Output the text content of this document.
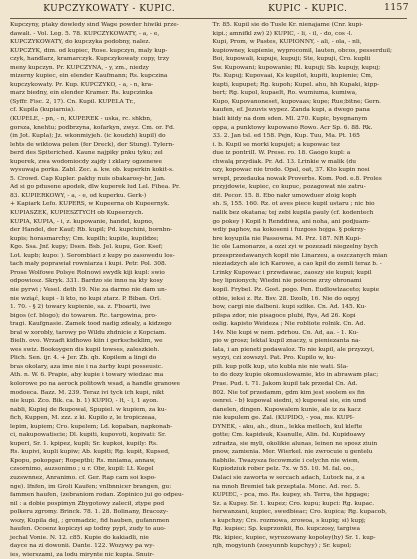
KUPCZYKOWATY - KUPIC.	KUPIC - KUPIC.	1157
Kupczyny, ptaky dowledy sind Wage powder hiwiki prze-
dawali. - Vol. Leg. 5. 78. KUPCZYKOWATY, - a, - e,
KUPCZYKOWATY, do kupczyka podobny, nalez.
KUPCZYK, dim. od kupiec, Rose. kupczyn, maly kup-
czyk, handlarz, kramarczyk. Kupczykowaty copy, trzy
meny kupczyn. Pr. KUPCZYNA, - y, zm., niedzy
mizerny kupiec, ein elender Kaufmann; Rs. kupczina
kupczykowaty. Pr. Kup. KUPCZYKO, - a, - n, kra-
marz biedny, ein elender Kramer. Rs. kupczinka
(Syffr. Fisc. 2, 17). Cn. Kupil. KUPELA Tr.,
cf. Kupila (kupiarnia).
(KUPELE, - pn, - n, KUPEREK - uska, rc. shkbn,
gorsza, knehtu; podbrzyna, kofarkyn, zwyz. Cm. or. Fd.
(in Jot. Kupla); Jz. wkonmiyjeh. (ic koudzh) kupil) do
lehts de wiktowa pelen (fer Dreck), der Stung). Tylern-
berd des Spiteriched. Kaune najpiky pnku tyku; zel
kuperek, zwa wodomiocdy zajdy i zklary ogzenewe
wysuwaja porka. Zabl. Zec. a. kw. ob. kuperkin kokit-s.
5. Crowd. Cap Kupler. pakhy nuis obakarosy-hr, Jan.
Ad si go pdusene apodek, dlw kuperek lud Lel. Fihea. Pr.
83. KUPIERKOWY, - a, - e, od kuperku. Gerk-)
+ Kapiark Lefo. KUPERS, w Kupeerna ob Kupeernyk.
KUPIASZEK, KUPIESZTYCH ob Kupeerzych.
KUPIA, KUPIA, - i, z. kupowanie, handel, kupno,
der Handel, der Kauf; Rb. kupil; Pd. kupchini, bornbn-
kupis; horasmarchy; Cm. kupilh; kupile, kupildze;
Kgo. Ssa. Jnf. kupy; Dsen. Bsb. Jel. kupu, Gor. Ksef;
Lot. kupb; kupo: ). Serombiaci z kupy po zasowedu los-
tach mały poprawiał rowniarza i kupi. Petr. Pol. 308.
Prose Wolfowe Polsye Rolnowi swydk kiji kupl: swio
odpowiosz. Skryk. 331. Bardzo sie inno na kty kosy
nie pyrwi ; Vesel. deth 19. Nie za darmo nie dam un-
nie wziąć, kupi - li kto, no kupi ztarz. P. Biban. Orl.
1. 70. - § 2) towary kupienie, sa. z. Fboarti, iwe
bigos (cf. blogo); do towaren. Rc. targowina, pro-
tragi. Kaufgnasie. Zamek tood nadig zdealy, a kidzego
bral w xorobly, tarowy po Wildu zhdnicie z Kopciam.
Bielh. ovo. Wrzadt kidhowo kiin i gerkscheklim, we
wes swiz. Bookoygen dis kupil towses, zaleszkieh.
Plich. Sen. ijr. 4. + Jer. Zb. qh. Kopilem a lingi do
bras okolary, aza ime nie i na żarby kupi posseusic.
Ath. n. W. 6. Prapie, aby kupie i towary wiedzac ma
kolorowe po na aerock politowh wsad, a handle granowe
modoeca. Bazz. M. 239. Teraz ivi tyck ich kupi, nikt
nie kupi. Zco. Bik. ca. b. 1) KUPIO, - lt, - l, 1 ayon.
nabli, Kupiej de fkupowal, Spupiel. w kupiem, za ku-
fich, Kuppen, M. zzz. z ki. Kupilo z, le tropiczeaa,
lepim, kupiem; Cro. kupelem; Ld. kopaban, napkonab-
ci, nakupowatiscie; Dl. kupiti, kupovoti, kopivati: Sr.
kuperi, Sr. 1. kpipez, kupli; Sr. kupkoi, kupily: Rs.
Rs. kupivi, kupli kupiw; Ab. kupiti; Rg. kupit, Kupsed,
Kpopu, pokopgar; Ropeptbi; Rs. mniama, annaw,
czsornimo, auzsonimo ; u r. Obr, kupil: Lt. Kegel
zuzswnnez, Anranimo. cf. Ger. Rap cam soi kspo-
nge). lfnfen, im Groli Kaufen; vnlbnnicer brangen, gu:
fammen haufen, (zebraniom rodan. Zopinico jui go odpeu-
nil : a dobie pospimyn Zbygotowy zalecił, ztype pod
polkeru zgromy. Brinck. 78. 1. 28. Bolinany, Bracozy-
wszy, Kupila dej, ; gromadzic, fid hauben, gufannmen
haufen. Ocoenz kopiczyi ap todny pypt, zudy to auo-
jechal Vonie. N. 12. c85. Kupie do kakiadli, nie
dayce na zi dowonii. Dante. 122. Wozywy pa wy-
ies, wierszami, za lodu mirynte nic kupia. Snuir-
Tr. 85. Kupil sie do Tusle Kr. nienajame (Cnr. kupi-
kipi.; amnifkl zw) 2) KUPIC, - li, - il, - do, cos -l.
Kupi, Prom, w Pastes, KUPIONNY, - ali, - ola, - nli,
kupiowney, kupienie, wyprocomil, lauten, obcos, pesserduil;
Boi, kupowali, kupuje, kupuji; Ste, kupuji, Cro. kuplii
Sw. Kupowani; kupowanie; Rl. kupuji; Sb. kupujy, kupuj;
Rs. Kupuj; Kupovaai, Ks kupilot, kupiti, kupienie; Cm,
kupti, kupupet; Rg. kupoh; Kupel. ahu, hh Kupaki, kipp-
bert; Rg. kupol, kupaelt, Ro. wumiuma, kumiwa,
Kupo, Kupovanoneset, kupovaas; kupe; Rue;bitne; Gern.
kaufen, ef. Jezuvis wypez. Zanda kupi, a dwego pana
biali kiidy na dom sden. Ml. 270. Kupic, byegnanym
oppa, a punktowy kupowano Rowo. Acr Sp. 6. 88. Rk.
33. 2. Jan tsl. ed 158. Pejn, Kup. Tuu, Ma. Pt. 165
i. b. Kupil se morki kupujet; a kupowac tez
due iz pontrilI. W. Prese. ro. 18. Gaogo kupl: a
chwalą przydiak. Pr. Ad. 13. Lrinkie w malik (du
ozy, kopowac nie trodo. Opal, oat, 37. Kto kupin nosi
wrepl, przedauka nowak Proverbs. Kom. Pod. e.8. Proles
przyjdowie, kupiec, co kupuc, pozagowat nie zatru-
dit. Pecor. 15. 8. Ebo nakr umowduer zloig koph
sh. S, 155. 160. Rz. ot aves piece kupil ustaru ; nic bio
nalik bez okatana; tej zebi kupila pauly (cf. kodentech
go pokey ) Kopil h Renddiwa, ani noha, ani podjuam-
wdiy paphov, na kokoseni i fuzgoss hojga. § pokrzy-
bre koyupila nie Passowna. M. Prz. 187. NR Kupi-
lic ole Lamonarze, a ozzi zyi w pozezadi niegzelny bych
przesprzedawanych kopił nie Linarzeu, a oszczanych mian
nieziadzych ale ich Karowe, a cao kpił do zemli teraz b. -
Lrinky Kupowac i przwdawac, zaoszy sie kupui; kupil
bey lipnionych; Wiedni nie poiocne zrzy obronami
kopil. Frybel. Pz. Gost. pogo. Pen. Eudlowlzaceto; kupie
otbie, ieksi z. Rz. Bsv. 28. Dzolb, 16. Nie do oqzyj
bow, cargi nie dalbeni. kupi szlike. Cn. Ad. 145. Ku-
pilspa zdor, nie pisagoce plubi, Rys, Ad 26. Kopi
oslig. kapisto Weideza ; Nie robliote rolnik. Cn. Ad.
14v. Nie kupi w nem. pdrhou. Cn. Ad, aa. - 1. Ku-
pio w grosz; lektal kupil znaczy, u pieniezanta na-
lata, i an pieneti podawaloz. To nie kupil, ale przyzzyi,
wyzyi, czi zowszyl. Pat. Pro. Kupilo w, ku-
pili. kup polk kup, uto kubla nie nie wati. Sla-
to do dozy kupie okomuslowamie, kto in abrawam plac;
Prae. Pud. t. 71. Jakom kupil tak przedal Cn. Ad.
802. Nie tof przedamm, gdm kim jest soolem es fin
osnrei. - b) kupowal siedni, x) kupowal sie, ein umd
danelen, dingen. Kupowalem kunie, ale iz za kacz
nie kupulem ge. Zal. (KUPIDO, - yoa, ms. KUPI-
DYNEK, - aku, ah., diun., lekka melloch, kul klefte
gotte; Cm. kapidsuk, Ksanulle, Alin. fsl. Kupidoawy
zdradza, sie myli, okolikie alunas, leinen ne sposz ziuin
pnow, zamienia. Mer. Wierkel. nie zwrocuie u gentelu
fiabhile. Twazysza fecowmzie i celychn nie wiem,
Kupiodziuk rober pelz. 7x. w 55. 10. M. fal. oo.,
Dalaci sie zaworta w sercach adach, Lutock na, z a
na mnoh Bremiel tak przeptala. Monc. Ad. rec. 5.
KUPIEC, - pca, mo. Rs. kupey, sh. Terra, the hpgage;
Sz. a Kupsy. Sr. 1. kupez; Cro. kupu; kupci: Rg. kupac.
herwanzani, kupiec, swedbieac; Cro. kupica; Rg. kupacob,
s kupchzy; Crs. rozmowa, zrowoa, s kupiq; si) kupj;
Rg. kupiec; Sp. kuprzonkii, Ro. kupczosy, targiwa
Rk. kipiec, kupiec, wyrozowany kopoley(hy) Sr. 1. kup-
njh, mogyiunh (zoeyunnb kupchyy) ; Sr. kupol;
